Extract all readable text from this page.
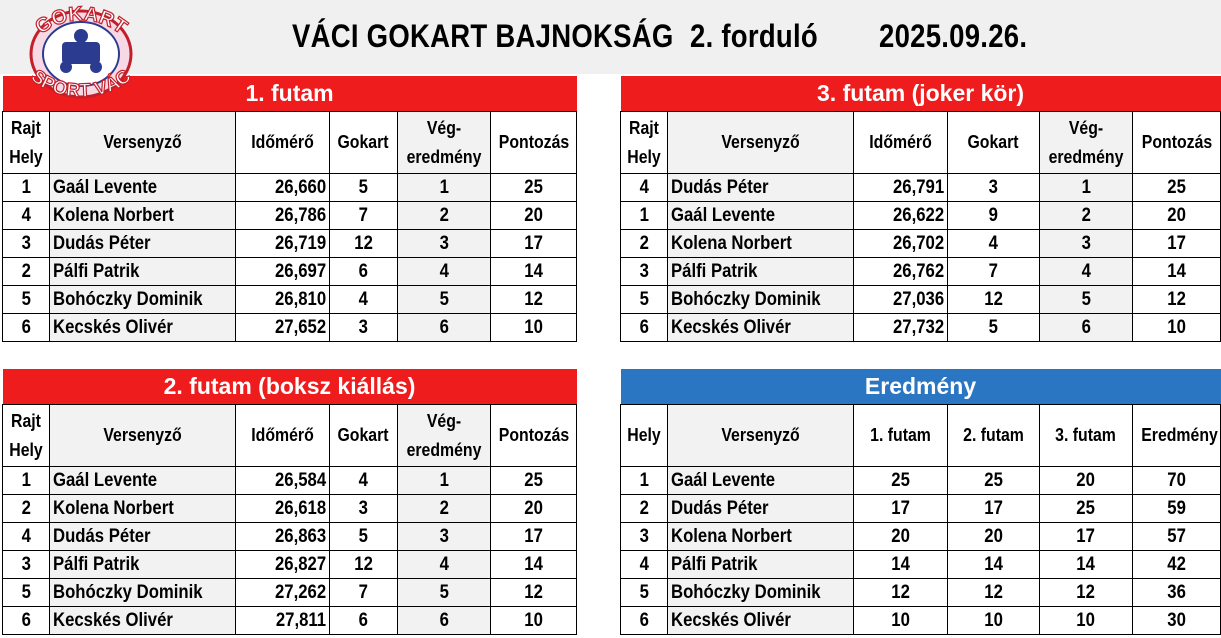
GOKART
SPORT VÁC
VÁCI GOKART BAJNOKSÁG 2. forduló 2025.09.26.
1. futam					
Rajt Hely	Versenyző	Időmérő	Gokart	Vég- eredmény	Pontozás
1	Gaál Levente	26,660	5	1	25
4	Kolena Norbert	26,786	7	2	20
3	Dudás Péter	26,719	12	3	17
2	Pálfi Patrik	26,697	6	4	14
5	Bohóczky Dominik	26,810	4	5	12
6	Kecskés Olivér	27,652	3	6	10
3. futam (joker kör)					
Rajt Hely	Versenyző	Időmérő	Gokart	Vég- eredmény	Pontozás
4	Dudás Péter	26,791	3	1	25
1	Gaál Levente	26,622	9	2	20
2	Kolena Norbert	26,702	4	3	17
3	Pálfi Patrik	26,762	7	4	14
5	Bohóczky Dominik	27,036	12	5	12
6	Kecskés Olivér	27,732	5	6	10
2. futam (boksz kiállás)					
Rajt Hely	Versenyző	Időmérő	Gokart	Vég- eredmény	Pontozás
1	Gaál Levente	26,584	4	1	25
2	Kolena Norbert	26,618	3	2	20
4	Dudás Péter	26,863	5	3	17
3	Pálfi Patrik	26,827	12	4	14
5	Bohóczky Dominik	27,262	7	5	12
6	Kecskés Olivér	27,811	6	6	10
Eredmény					
Hely	Versenyző	1. futam	2. futam	3. futam	Eredmény
1	Gaál Levente	25	25	20	70
2	Dudás Péter	17	17	25	59
3	Kolena Norbert	20	20	17	57
4	Pálfi Patrik	14	14	14	42
5	Bohóczky Dominik	12	12	12	36
6	Kecskés Olivér	10	10	10	30
